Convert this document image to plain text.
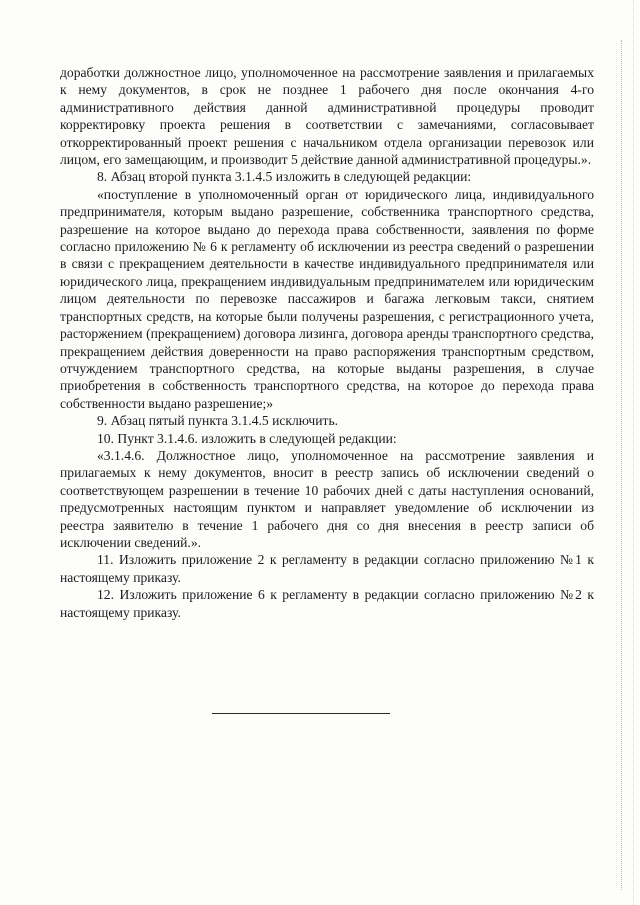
доработки должностное лицо, уполномоченное на рассмотрение заявления и прилагаемых к нему документов, в срок не позднее 1 рабочего дня после окончания 4-го административного действия данной административной процедуры проводит корректировку проекта решения в соответствии с замечаниями, согласовывает откорректированный проект решения с начальником отдела организации перевозок или лицом, его замещающим, и производит 5 действие данной административной процедуры.».

8. Абзац второй пункта 3.1.4.5 изложить в следующей редакции:

«поступление в уполномоченный орган от юридического лица, индивидуального предпринимателя, которым выдано разрешение, собственника транспортного средства, разрешение на которое выдано до перехода права собственности, заявления по форме согласно приложению № 6 к регламенту об исключении из реестра сведений о разрешении в связи с прекращением деятельности в качестве индивидуального предпринимателя или юридического лица, прекращением индивидуальным предпринимателем или юридическим лицом деятельности по перевозке пассажиров и багажа легковым такси, снятием транспортных средств, на которые были получены разрешения, с регистрационного учета, расторжением (прекращением) договора лизинга, договора аренды транспортного средства, прекращением действия доверенности на право распоряжения транспортным средством, отчуждением транспортного средства, на которые выданы разрешения, в случае приобретения в собственность транспортного средства, на которое до перехода права собственности выдано разрешение;»

9. Абзац пятый пункта 3.1.4.5 исключить.

10. Пункт 3.1.4.6. изложить в следующей редакции:

«3.1.4.6. Должностное лицо, уполномоченное на рассмотрение заявления и прилагаемых к нему документов, вносит в реестр запись об исключении сведений о соответствующем разрешении в течение 10 рабочих дней с даты наступления оснований, предусмотренных настоящим пунктом и направляет уведомление об исключении из реестра заявителю в течение 1 рабочего дня со дня внесения в реестр записи об исключении сведений.».

11. Изложить приложение 2 к регламенту в редакции согласно приложению №1 к настоящему приказу.

12. Изложить приложение 6 к регламенту в редакции согласно приложению №2 к настоящему приказу.
